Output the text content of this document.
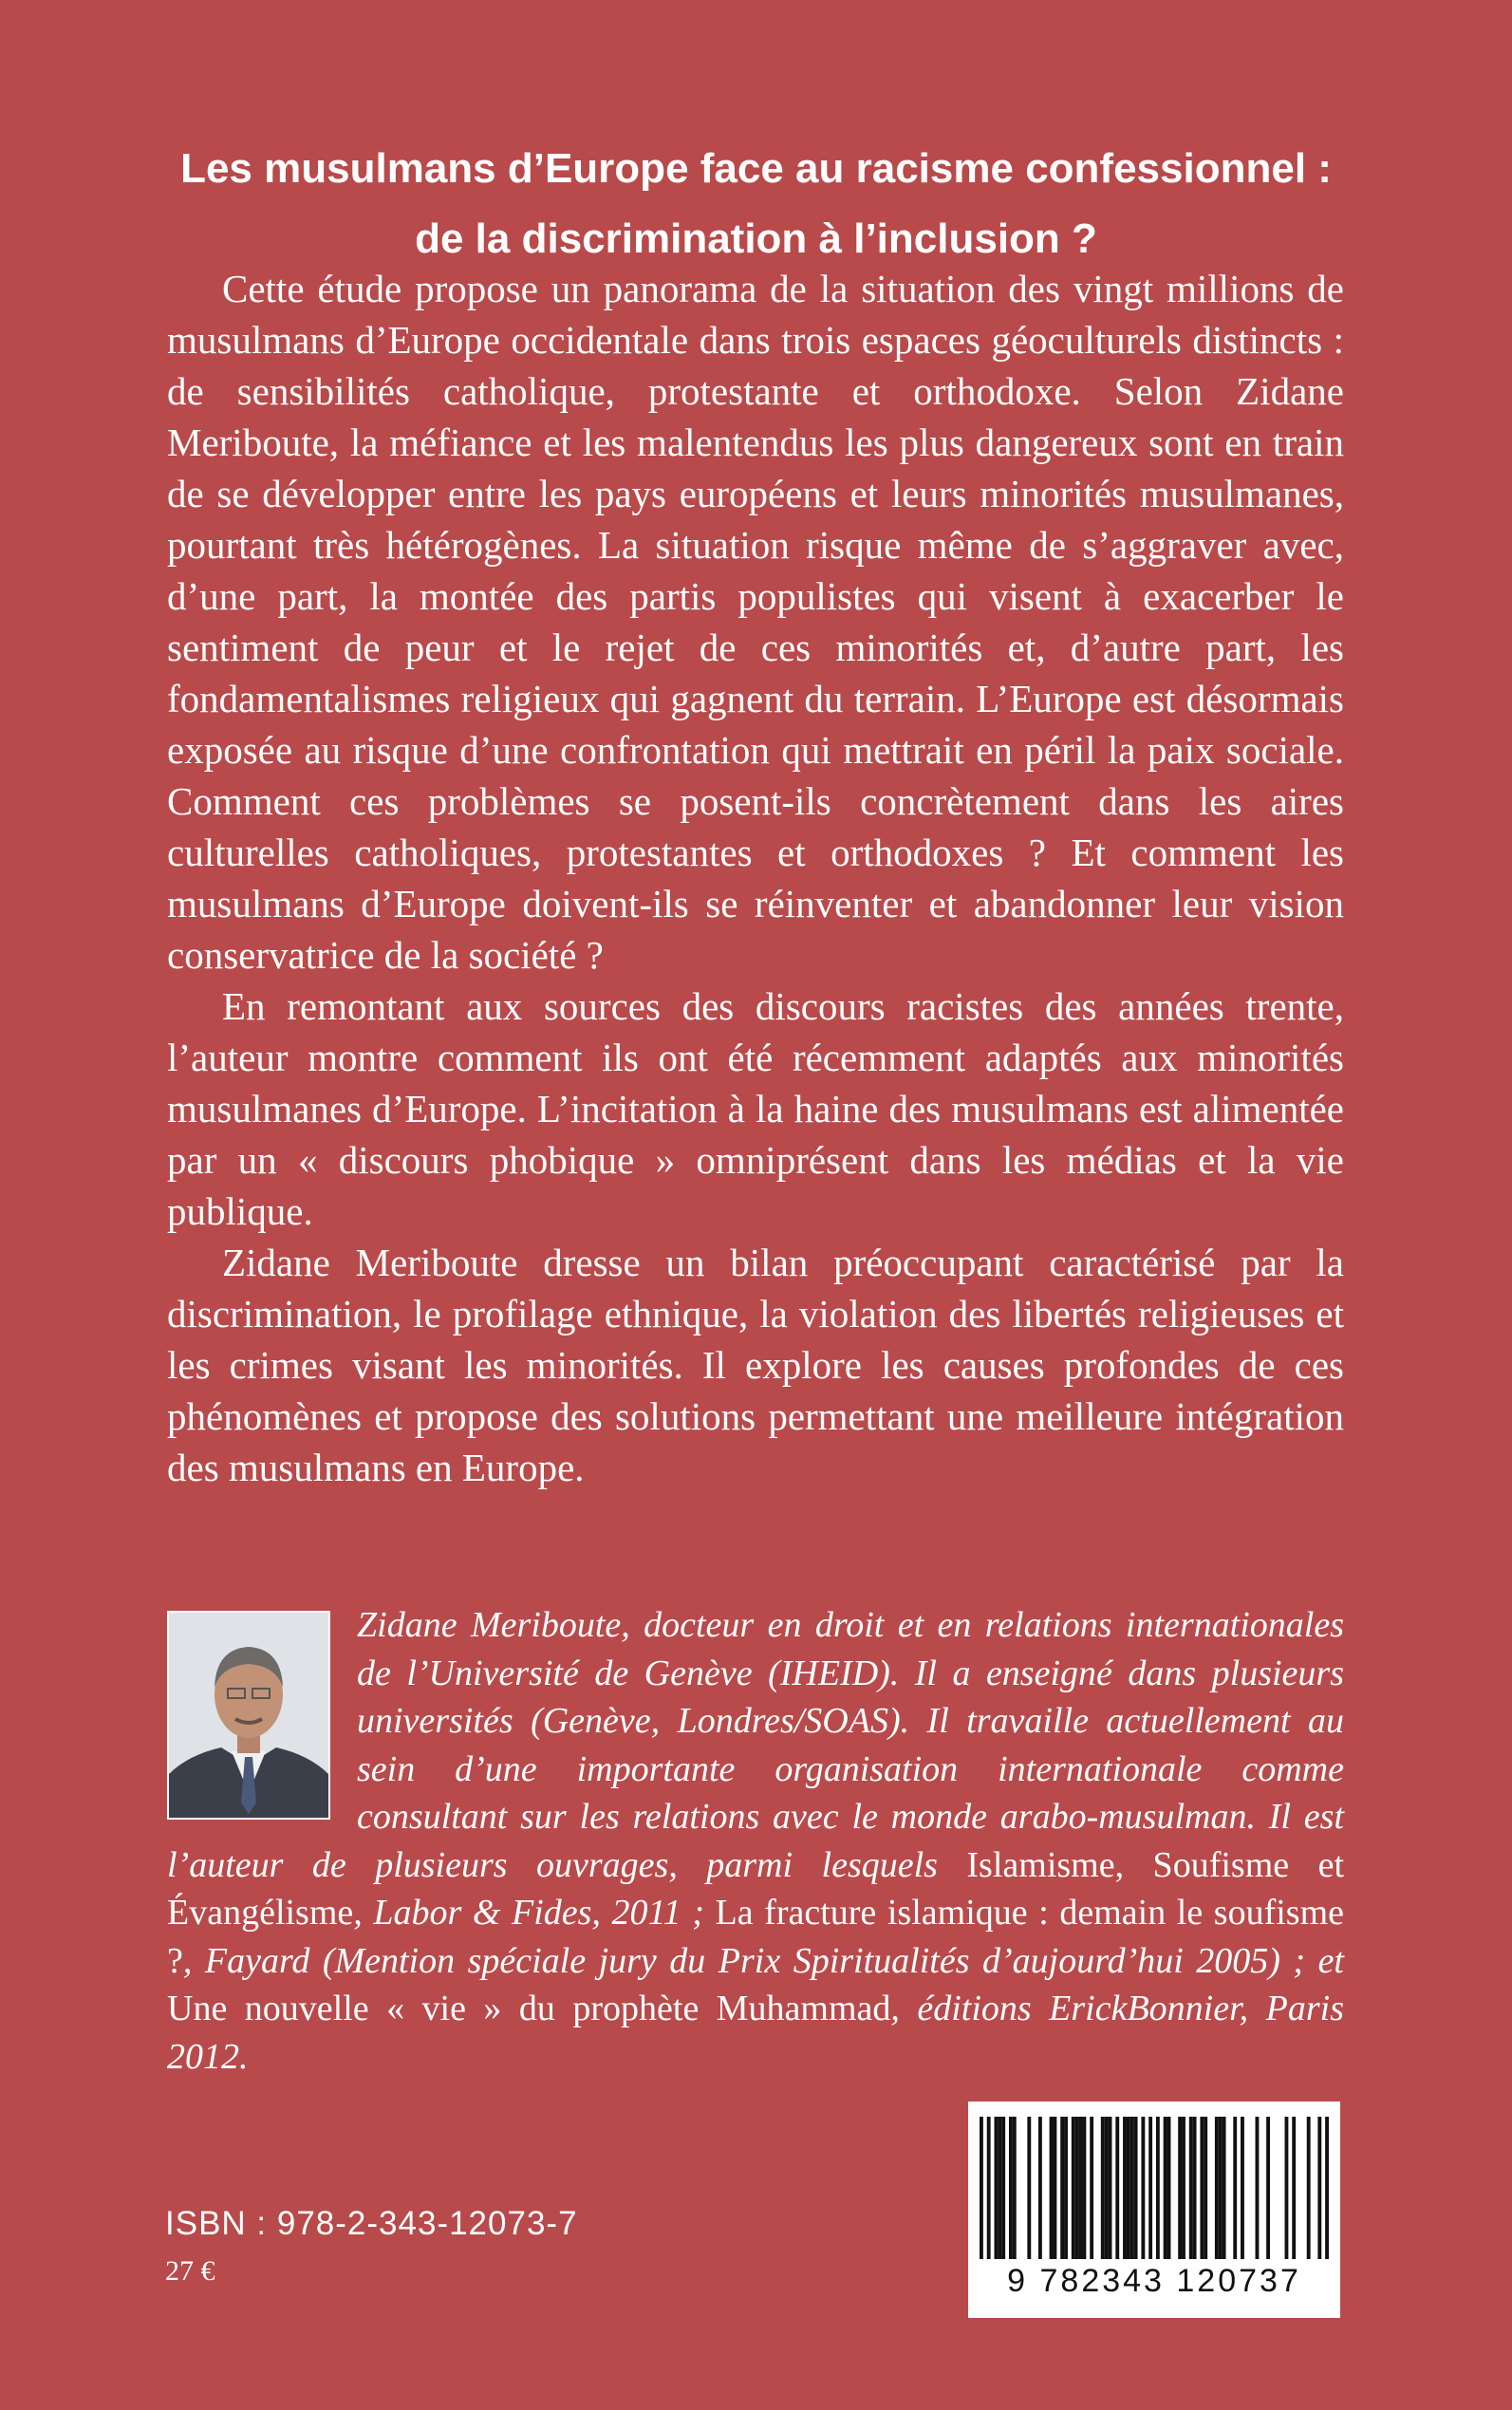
Les musulmans d’Europe face au racisme confessionnel :
de la discrimination à l’inclusion ?

Cette étude propose un panorama de la situation des vingt millions de musulmans d’Europe occidentale dans trois espaces géoculturels distincts : de sensibilités catholique, protestante et orthodoxe. Selon Zidane Meriboute, la méfiance et les malentendus les plus dangereux sont en train de se développer entre les pays européens et leurs minorités musulmanes, pourtant très hétérogènes. La situation risque même de s’aggraver avec, d’une part, la montée des partis populistes qui visent à exacerber le sentiment de peur et le rejet de ces minorités et, d’autre part, les fondamentalismes religieux qui gagnent du terrain. L’Europe est désormais exposée au risque d’une confrontation qui mettrait en péril la paix sociale. Comment ces problèmes se posent-ils concrètement dans les aires culturelles catholiques, protestantes et orthodoxes ? Et comment les musulmans d’Europe doivent-ils se réinventer et abandonner leur vision conservatrice de la société ?

En remontant aux sources des discours racistes des années trente, l’auteur montre comment ils ont été récemment adaptés aux minorités musulmanes d’Europe. L’incitation à la haine des musulmans est alimentée par un « discours phobique » omniprésent dans les médias et la vie publique.

Zidane Meriboute dresse un bilan préoccupant caractérisé par la discrimination, le profilage ethnique, la violation des libertés religieuses et les crimes visant les minorités. Il explore les causes profondes de ces phénomènes et propose des solutions permettant une meilleure intégration des musulmans en Europe.

Zidane Meriboute, docteur en droit et en relations internationales de l’Université de Genève (IHEID). Il a enseigné dans plusieurs universités (Genève, Londres/SOAS). Il travaille actuellement au sein d’une importante organisation internationale comme consultant sur les relations avec le monde arabo-musulman. Il est l’auteur de plusieurs ouvrages, parmi lesquels Islamisme, Soufisme et Évangélisme, Labor & Fides, 2011 ; La fracture islamique : demain le soufisme ?, Fayard (Mention spéciale jury du Prix Spiritualités d’aujourd’hui 2005) ; et Une nouvelle « vie » du prophète Muhammad, éditions ErickBonnier, Paris 2012.
ISBN : 978-2-343-12073-7
27 €	9 782343 120737
